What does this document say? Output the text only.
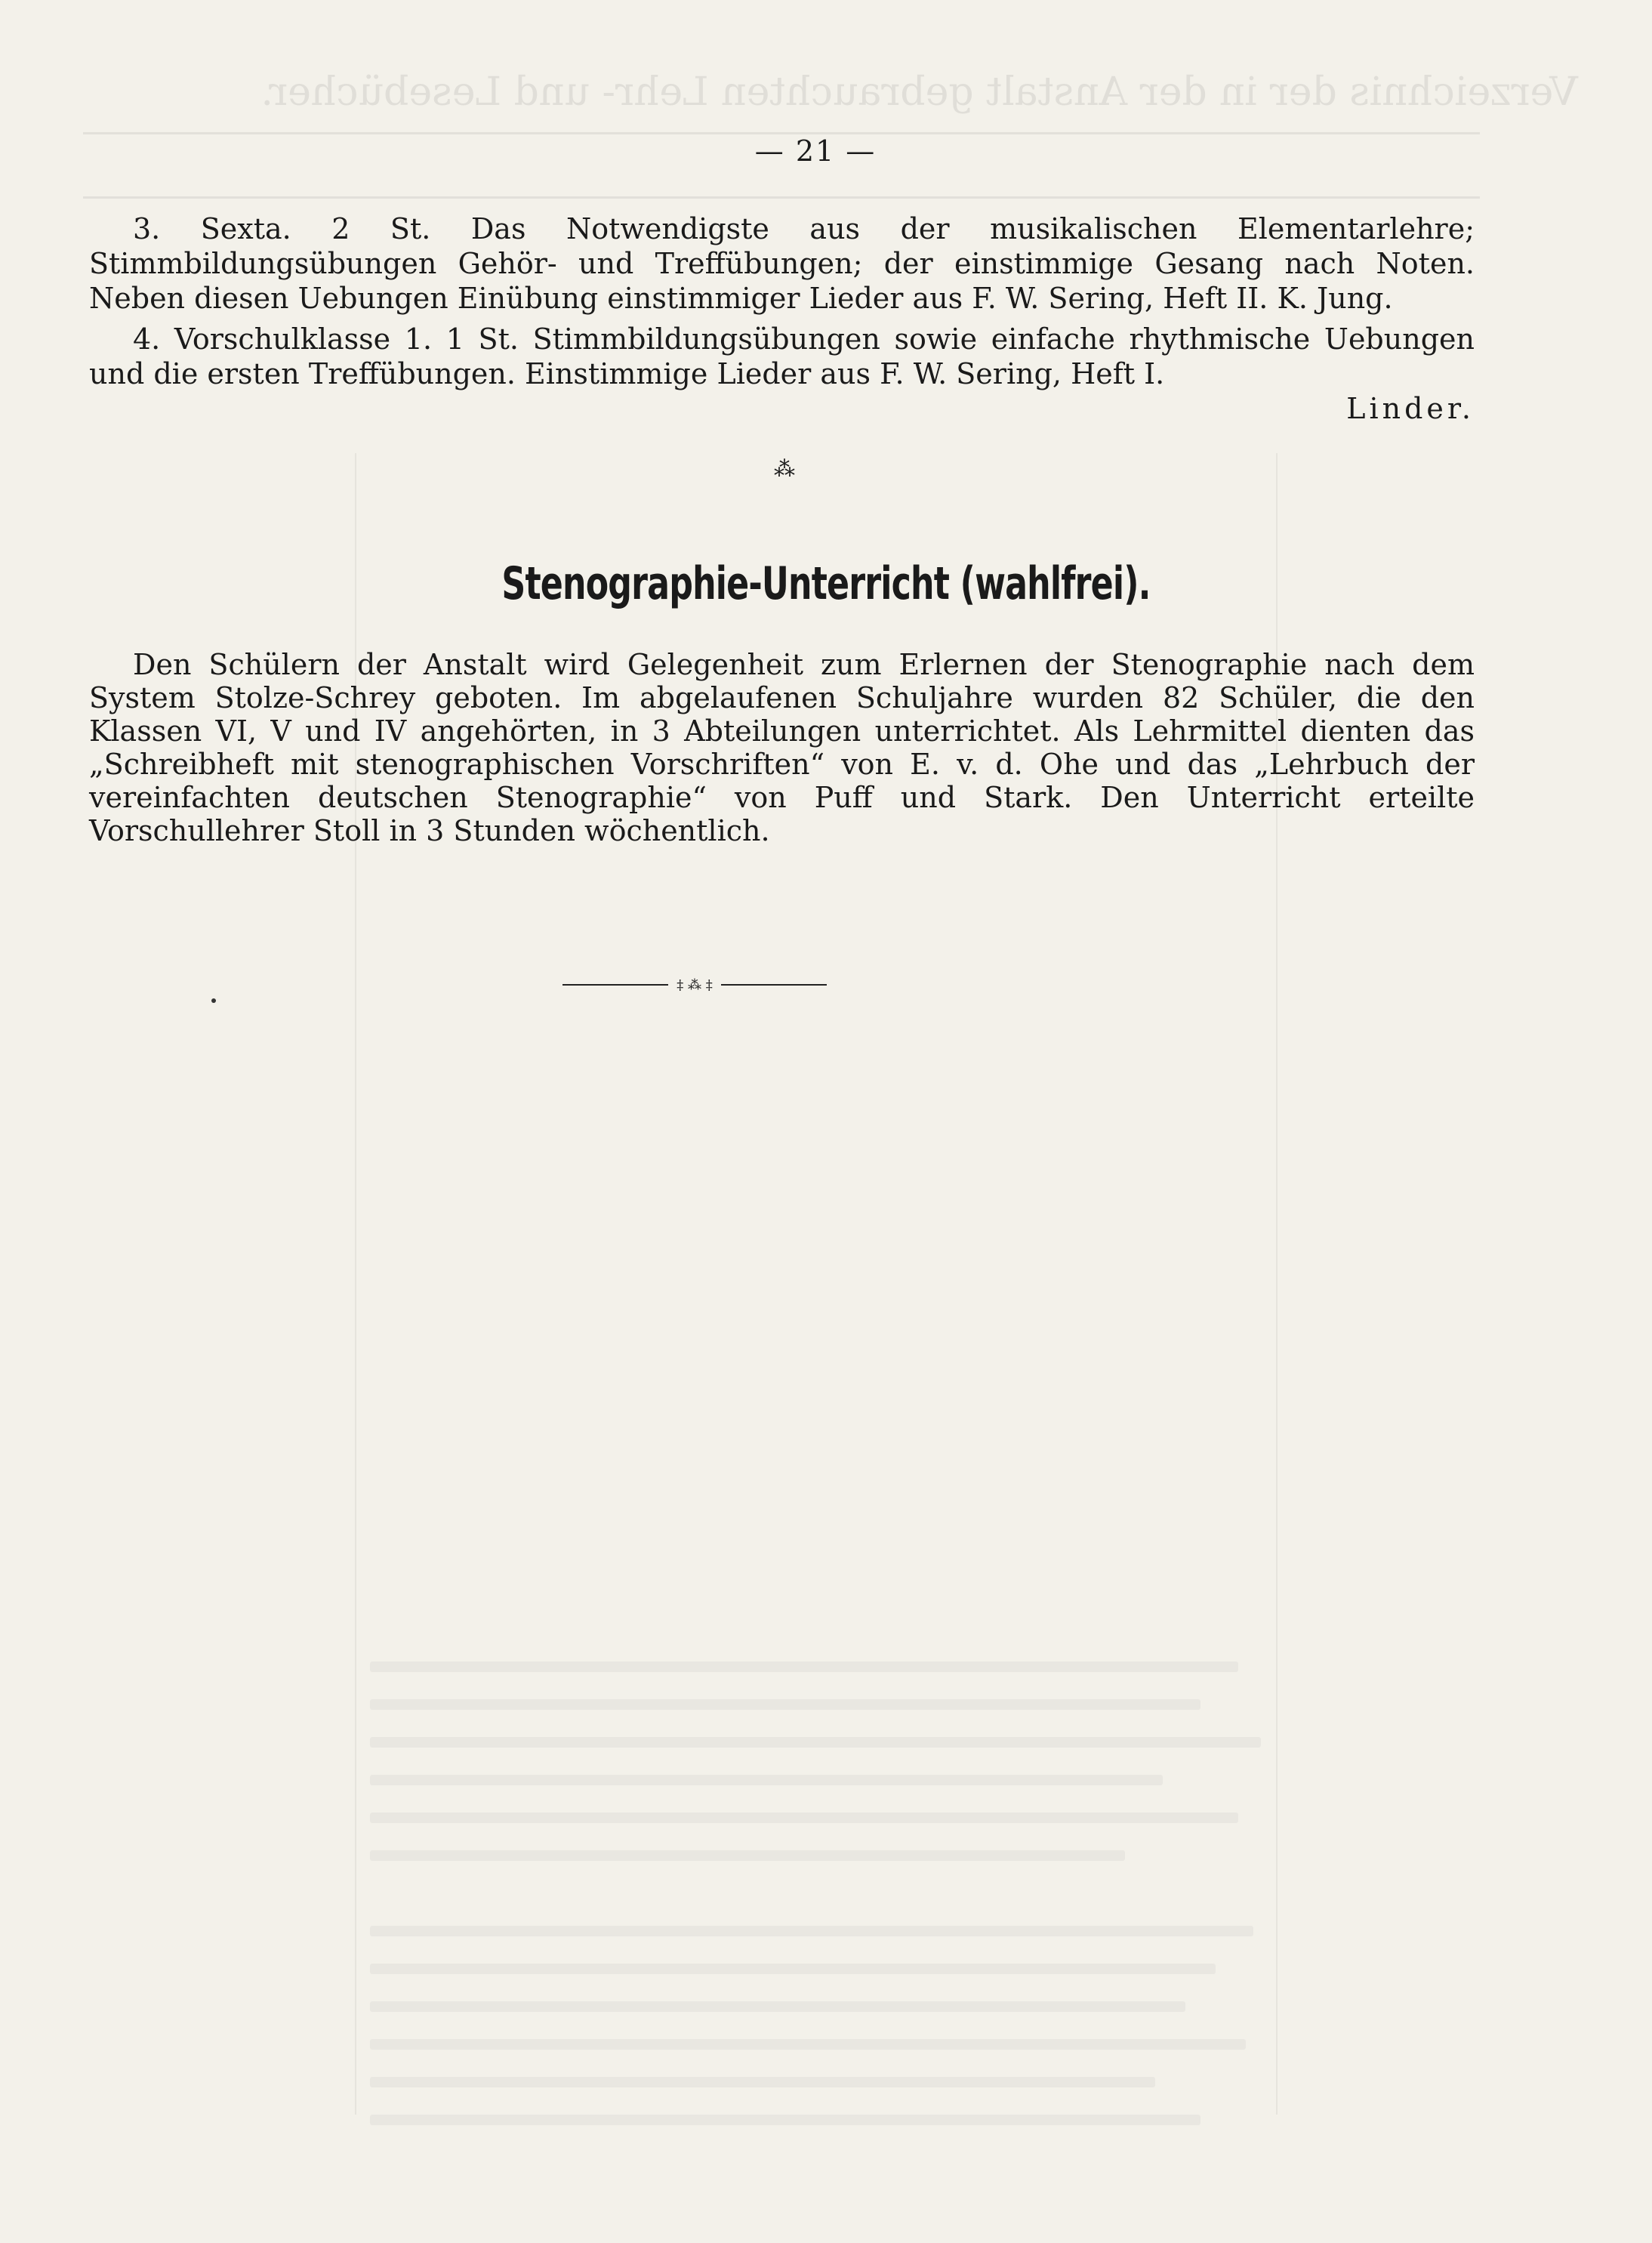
Verzeichnis der in der Anstalt gebrauchten Lehr- und Lesebücher.
— 21 —

3. Sexta. 2 St. Das Notwendigste aus der musikalischen Elementarlehre; Stimmbildungsübungen Gehör- und Treffübungen; der einstimmige Gesang nach Noten. Neben diesen Uebungen Einübung einstimmiger Lieder aus F. W. Sering, Heft II. K. Jung.

4. Vorschulklasse 1. 1 St. Stimmbildungsübungen sowie einfache rhythmische Uebungen und die ersten Treffübungen. Einstimmige Lieder aus F. W. Sering, Heft I.

Linder.
⁂
Stenographie-Unterricht (wahlfrei).

Den Schülern der Anstalt wird Gelegenheit zum Erlernen der Stenographie nach dem System Stolze-Schrey geboten. Im abgelaufenen Schuljahre wurden 82 Schüler, die den Klassen VI, V und IV angehörten, in 3 Abteilungen unterrichtet. Als Lehrmittel dienten das „Schreibheft mit stenographischen Vorschriften“ von E. v. d. Ohe und das „Lehrbuch der vereinfachten deutschen Stenographie“ von Puff und Stark. Den Unterricht erteilte Vorschullehrer Stoll in 3 Stunden wöchentlich.

‡ ⁂ ‡
